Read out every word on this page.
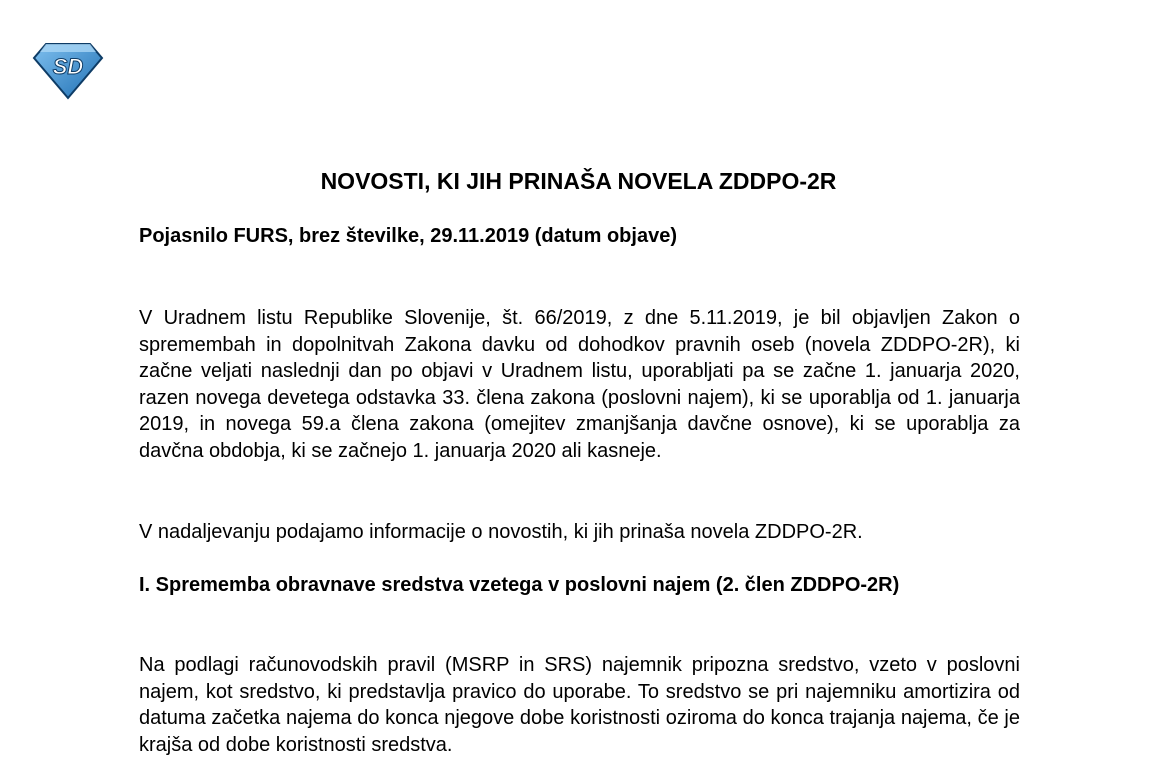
SD
NOVOSTI, KI JIH PRINAŠA NOVELA ZDDPO-2R
Pojasnilo FURS, brez številke, 29.11.2019 (datum objave)

V Uradnem listu Republike Slovenije, št. 66/2019, z dne 5.11.2019, je bil objavljen Zakon o spremembah in dopolnitvah Zakona davku od dohodkov pravnih oseb (novela ZDDPO-2R), ki začne veljati naslednji dan po objavi v Uradnem listu, uporabljati pa se začne 1. januarja 2020, razen novega devetega odstavka 33. člena zakona (poslovni najem), ki se uporablja od 1. januarja 2019, in novega 59.a člena zakona (omejitev zmanjšanja davčne osnove), ki se uporablja za davčna obdobja, ki se začnejo 1. januarja 2020 ali kasneje.

V nadaljevanju podajamo informacije o novostih, ki jih prinaša novela ZDDPO-2R.

I. Sprememba obravnave sredstva vzetega v poslovni najem (2. člen ZDDPO-2R)

Na podlagi računovodskih pravil (MSRP in SRS) najemnik pripozna sredstvo, vzeto v poslovni najem, kot sredstvo, ki predstavlja pravico do uporabe. To sredstvo se pri najemniku amortizira od datuma začetka najema do konca njegove dobe koristnosti oziroma do konca trajanja najema, če je krajša od dobe koristnosti sredstva.
